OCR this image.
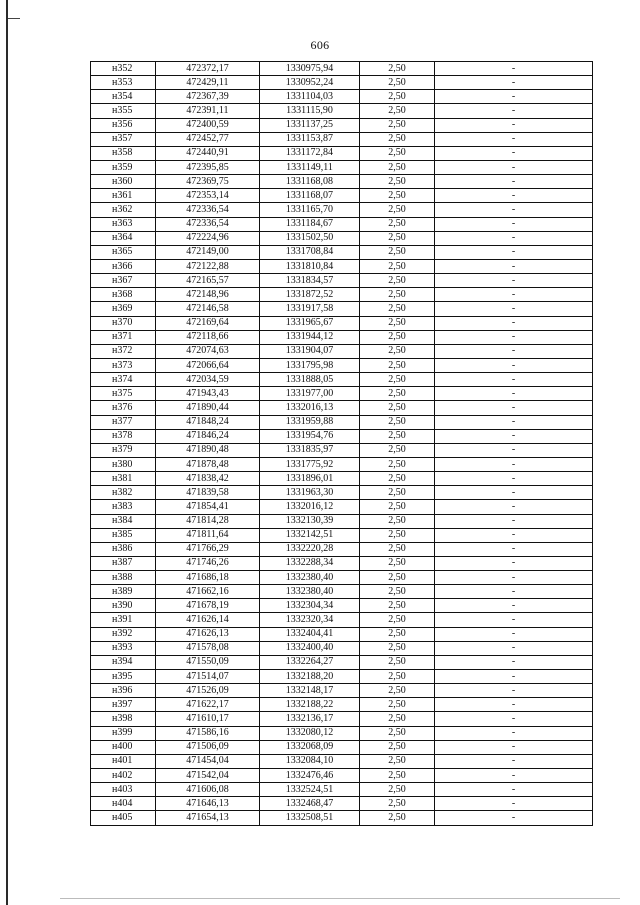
606
н352	472372,17	1330975,94	2,50	-
н353	472429,11	1330952,24	2,50	-
н354	472367,39	1331104,03	2,50	-
н355	472391,11	1331115,90	2,50	-
н356	472400,59	1331137,25	2,50	-
н357	472452,77	1331153,87	2,50	-
н358	472440,91	1331172,84	2,50	-
н359	472395,85	1331149,11	2,50	-
н360	472369,75	1331168,08	2,50	-
н361	472353,14	1331168,07	2,50	-
н362	472336,54	1331165,70	2,50	-
н363	472336,54	1331184,67	2,50	-
н364	472224,96	1331502,50	2,50	-
н365	472149,00	1331708,84	2,50	-
н366	472122,88	1331810,84	2,50	-
н367	472165,57	1331834,57	2,50	-
н368	472148,96	1331872,52	2,50	-
н369	472146,58	1331917,58	2,50	-
н370	472169,64	1331965,67	2,50	-
н371	472118,66	1331944,12	2,50	-
н372	472074,63	1331904,07	2,50	-
н373	472066,64	1331795,98	2,50	-
н374	472034,59	1331888,05	2,50	-
н375	471943,43	1331977,00	2,50	-
н376	471890,44	1332016,13	2,50	-
н377	471848,24	1331959,88	2,50	-
н378	471846,24	1331954,76	2,50	-
н379	471890,48	1331835,97	2,50	-
н380	471878,48	1331775,92	2,50	-
н381	471838,42	1331896,01	2,50	-
н382	471839,58	1331963,30	2,50	-
н383	471854,41	1332016,12	2,50	-
н384	471814,28	1332130,39	2,50	-
н385	471811,64	1332142,51	2,50	-
н386	471766,29	1332220,28	2,50	-
н387	471746,26	1332288,34	2,50	-
н388	471686,18	1332380,40	2,50	-
н389	471662,16	1332380,40	2,50	-
н390	471678,19	1332304,34	2,50	-
н391	471626,14	1332320,34	2,50	-
н392	471626,13	1332404,41	2,50	-
н393	471578,08	1332400,40	2,50	-
н394	471550,09	1332264,27	2,50	-
н395	471514,07	1332188,20	2,50	-
н396	471526,09	1332148,17	2,50	-
н397	471622,17	1332188,22	2,50	-
н398	471610,17	1332136,17	2,50	-
н399	471586,16	1332080,12	2,50	-
н400	471506,09	1332068,09	2,50	-
н401	471454,04	1332084,10	2,50	-
н402	471542,04	1332476,46	2,50	-
н403	471606,08	1332524,51	2,50	-
н404	471646,13	1332468,47	2,50	-
н405	471654,13	1332508,51	2,50	-
